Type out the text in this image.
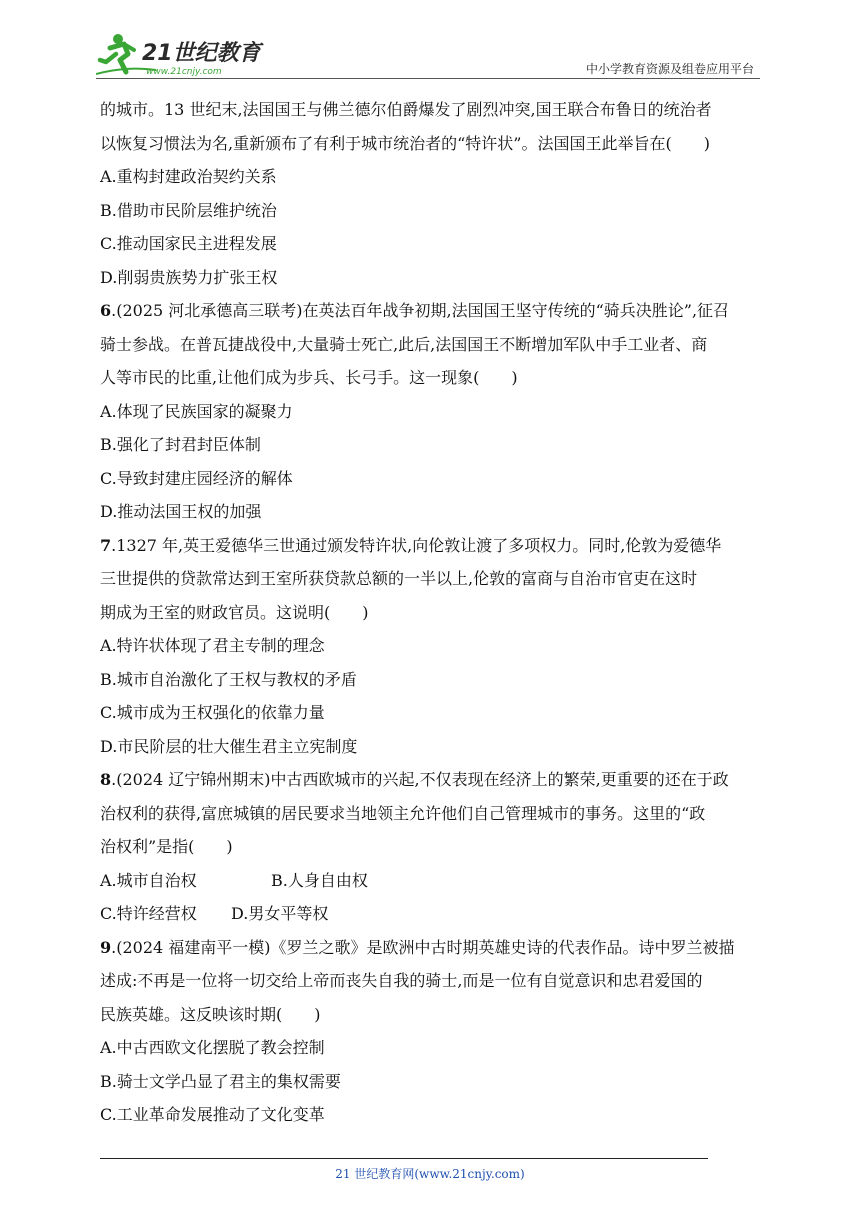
21世纪教育
www.21cnjy.com	中小学教育资源及组卷应用平台
的城市。13 世纪末,法国国王与佛兰德尔伯爵爆发了剧烈冲突,国王联合布鲁日的统治者
以恢复习惯法为名,重新颁布了有利于城市统治者的“特许状”。法国国王此举旨在(　　)
A.重构封建政治契约关系
B.借助市民阶层维护统治
C.推动国家民主进程发展
D.削弱贵族势力扩张王权
6.(2025 河北承德高三联考)在英法百年战争初期,法国国王坚守传统的“骑兵决胜论”,征召
骑士参战。在普瓦捷战役中,大量骑士死亡,此后,法国国王不断增加军队中手工业者、商
人等市民的比重,让他们成为步兵、长弓手。这一现象(　　)
A.体现了民族国家的凝聚力
B.强化了封君封臣体制
C.导致封建庄园经济的解体
D.推动法国王权的加强
7.1327 年,英王爱德华三世通过颁发特许状,向伦敦让渡了多项权力。同时,伦敦为爱德华
三世提供的贷款常达到王室所获贷款总额的一半以上,伦敦的富商与自治市官吏在这时
期成为王室的财政官员。这说明(　　)
A.特许状体现了君主专制的理念
B.城市自治激化了王权与教权的矛盾
C.城市成为王权强化的依靠力量
D.市民阶层的壮大催生君主立宪制度
8.(2024 辽宁锦州期末)中古西欧城市的兴起,不仅表现在经济上的繁荣,更重要的还在于政
治权利的获得,富庶城镇的居民要求当地领主允许他们自己管理城市的事务。这里的“政
治权利”是指(　　)
A.城市自治权	B.人身自由权
C.特许经营权 D.男女平等权
9.(2024 福建南平一模)《罗兰之歌》是欧洲中古时期英雄史诗的代表作品。诗中罗兰被描
述成:不再是一位将一切交给上帝而丧失自我的骑士,而是一位有自觉意识和忠君爱国的
民族英雄。这反映该时期(　　)
A.中古西欧文化摆脱了教会控制
B.骑士文学凸显了君主的集权需要
C.工业革命发展推动了文化变革
21 世纪教育网(www.21cnjy.com)
